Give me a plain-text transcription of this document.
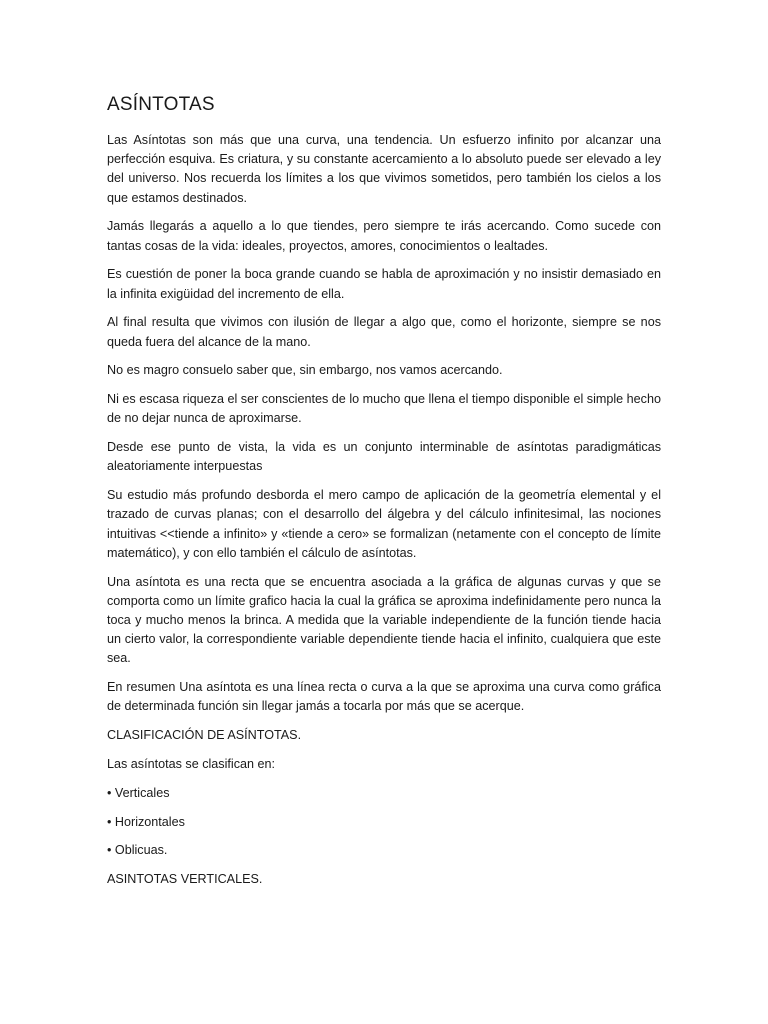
ASÍNTOTAS

Las Asíntotas son más que una curva, una tendencia. Un esfuerzo infinito por alcanzar una perfección esquiva. Es criatura, y su constante acercamiento a lo absoluto puede ser elevado a ley del universo. Nos recuerda los límites a los que vivimos sometidos, pero también los cielos a los que estamos destinados.

Jamás llegarás a aquello a lo que tiendes, pero siempre te irás acercando. Como sucede con tantas cosas de la vida: ideales, proyectos, amores, conocimientos o lealtades.

Es cuestión de poner la boca grande cuando se habla de aproximación y no insistir demasiado en la infinita exigüidad del incremento de ella.

Al final resulta que vivimos con ilusión de llegar a algo que, como el horizonte, siempre se nos queda fuera del alcance de la mano.

No es magro consuelo saber que, sin embargo, nos vamos acercando.

Ni es escasa riqueza el ser conscientes de lo mucho que llena el tiempo disponible el simple hecho de no dejar nunca de aproximarse.

Desde ese punto de vista, la vida es un conjunto interminable de asíntotas paradigmáticas aleatoriamente interpuestas

Su estudio más profundo desborda el mero campo de aplicación de la geometría elemental y el trazado de curvas planas; con el desarrollo del álgebra y del cálculo infinitesimal, las nociones intuitivas <<tiende a infinito» y «tiende a cero» se formalizan (netamente con el concepto de límite matemático), y con ello también el cálculo de asíntotas.

Una asíntota es una recta que se encuentra asociada a la gráfica de algunas curvas y que se comporta como un límite grafico hacia la cual la gráfica se aproxima indefinidamente pero nunca la toca y mucho menos la brinca. A medida que la variable independiente de la función tiende hacia un cierto valor, la correspondiente variable dependiente tiende hacia el infinito, cualquiera que este sea.

En resumen Una asíntota es una línea recta o curva a la que se aproxima una curva como gráfica de determinada función sin llegar jamás a tocarla por más que se acerque.

CLASIFICACIÓN DE ASÍNTOTAS.

Las asíntotas se clasifican en:

• Verticales

• Horizontales

• Oblicuas.

ASINTOTAS VERTICALES.
